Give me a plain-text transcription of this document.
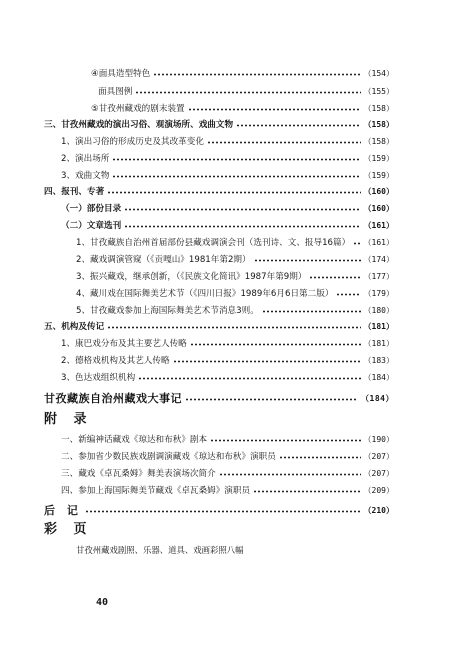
④面具造型特色	（154）
面具图例	（155）
⑤甘孜州藏戏的剧末装置	（158）
三、甘孜州藏戏的演出习俗、观演场所、戏曲文物	（158）
1、演出习俗的形成历史及其改革变化	（158）
2、演出场所	（159）
3、戏曲文物	（159）
四、报刊、专著	（160）
（一）部份目录	（160）
（二）文章选刊	（161）
1、甘孜藏族自治州首届部份县藏戏调演会刊（选刊诗、文、报导16篇） （161）
2、藏戏调演管窥（《贡嘎山》1981年第2期）	（174）
3、振兴藏戏，继承创新，（《民族文化简讯》1987年第9期）	（177）
4、藏川戏在国际舞美艺术节（《四川日报》1989年6月6日第二版）	（179）
5、甘孜藏戏参加上海国际舞美艺术节消息3则。	（180）
五、机构及传记	（181）
1、康巴戏分布及其主要艺人传略	（181）
2、德格戏机构及其艺人传略	（183）
3、色达戏组织机构	（184）
甘孜藏族自治州藏戏大事记	（184）
附 录
一、新编神话藏戏《琼达和布秋》剧本	（190）
二、参加省少数民族戏剧调演藏戏《琼达和布秋》演职员	（207）
三、藏戏《卓瓦桑姆》舞美表演场次简介	（207）
四、参加上海国际舞美节藏戏《卓瓦桑姆》演职员	（209）
后 记	（210）
彩 页
甘孜州藏戏剧照、乐器、道具、戏画彩照八幅
40
